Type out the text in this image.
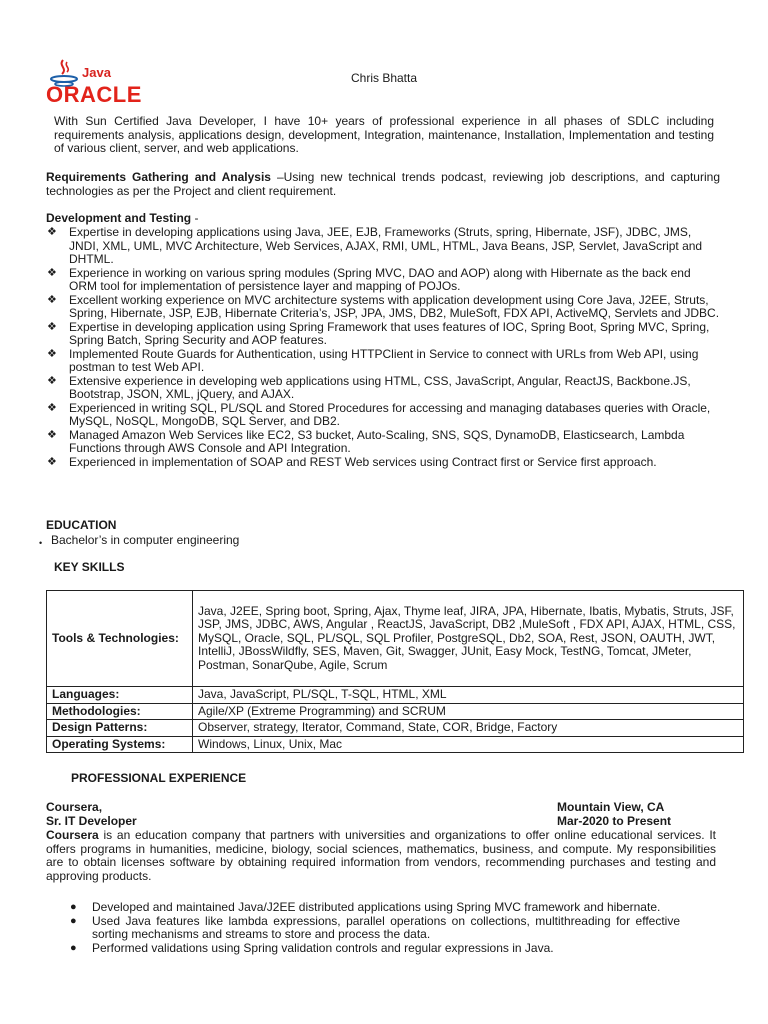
Java
ORACLE
Chris Bhatta
With Sun Certified Java Developer, I have 10+ years of professional experience in all phases of SDLC including requirements analysis, applications design, development, Integration, maintenance, Installation, Implementation and testing of various client, server, and web applications.
Requirements Gathering and Analysis –Using new technical trends podcast, reviewing job descriptions, and capturing technologies as per the Project and client requirement.
Development and Testing -
❖ Expertise in developing applications using Java, JEE, EJB, Frameworks (Struts, spring, Hibernate, JSF), JDBC, JMS, JNDI, XML, UML, MVC Architecture, Web Services, AJAX, RMI, UML, HTML, Java Beans, JSP, Servlet, JavaScript and DHTML.
❖ Experience in working on various spring modules (Spring MVC, DAO and AOP) along with Hibernate as the back end ORM tool for implementation of persistence layer and mapping of POJOs.
❖ Excellent working experience on MVC architecture systems with application development using Core Java, J2EE, Struts, Spring, Hibernate, JSP, EJB, Hibernate Criteria’s, JSP, JPA, JMS, DB2, MuleSoft, FDX API, ActiveMQ, Servlets and JDBC.
❖ Expertise in developing application using Spring Framework that uses features of IOC, Spring Boot, Spring MVC, Spring, Spring Batch, Spring Security and AOP features.
❖ Implemented Route Guards for Authentication, using HTTPClient in Service to connect with URLs from Web API, using postman to test Web API.
❖ Extensive experience in developing web applications using HTML, CSS, JavaScript, Angular, ReactJS, Backbone.JS, Bootstrap, JSON, XML, jQuery, and AJAX.
❖ Experienced in writing SQL, PL/SQL and Stored Procedures for accessing and managing databases queries with Oracle, MySQL, NoSQL, MongoDB, SQL Server, and DB2.
❖ Managed Amazon Web Services like EC2, S3 bucket, Auto-Scaling, SNS, SQS, DynamoDB, Elasticsearch, Lambda Functions through AWS Console and API Integration.
❖ Experienced in implementation of SOAP and REST Web services using Contract first or Service first approach.
EDUCATION
• Bachelor’s in computer engineering
KEY SKILLS
Tools & Technologies:	Java, J2EE, Spring boot, Spring, Ajax, Thyme leaf, JIRA, JPA, Hibernate, Ibatis, Mybatis, Struts, JSF, JSP, JMS, JDBC, AWS, Angular , ReactJS, JavaScript, DB2 ,MuleSoft , FDX API, AJAX, HTML, CSS, MySQL, Oracle, SQL, PL/SQL, SQL Profiler, PostgreSQL, Db2, SOA, Rest, JSON, OAUTH, JWT, IntelliJ, JBossWildfly, SES, Maven, Git, Swagger, JUnit, Easy Mock, TestNG, Tomcat, JMeter, Postman, SonarQube, Agile, Scrum
Languages:	Java, JavaScript, PL/SQL, T-SQL, HTML, XML
Methodologies:	Agile/XP (Extreme Programming) and SCRUM
Design Patterns:	Observer, strategy, Iterator, Command, State, COR, Bridge, Factory
Operating Systems:	Windows, Linux, Unix, Mac
PROFESSIONAL EXPERIENCE
Coursera,	Mountain View, CA
Sr. IT Developer	Mar-2020 to Present
Coursera is an education company that partners with universities and organizations to offer online educational services. It offers programs in humanities, medicine, biology, social sciences, mathematics, business, and compute. My responsibilities are to obtain licenses software by obtaining required information from vendors, recommending purchases and testing and approving products.
● Developed and maintained Java/J2EE distributed applications using Spring MVC framework and hibernate.
● Used Java features like lambda expressions, parallel operations on collections, multithreading for effective sorting mechanisms and streams to store and process the data.
● Performed validations using Spring validation controls and regular expressions in Java.
